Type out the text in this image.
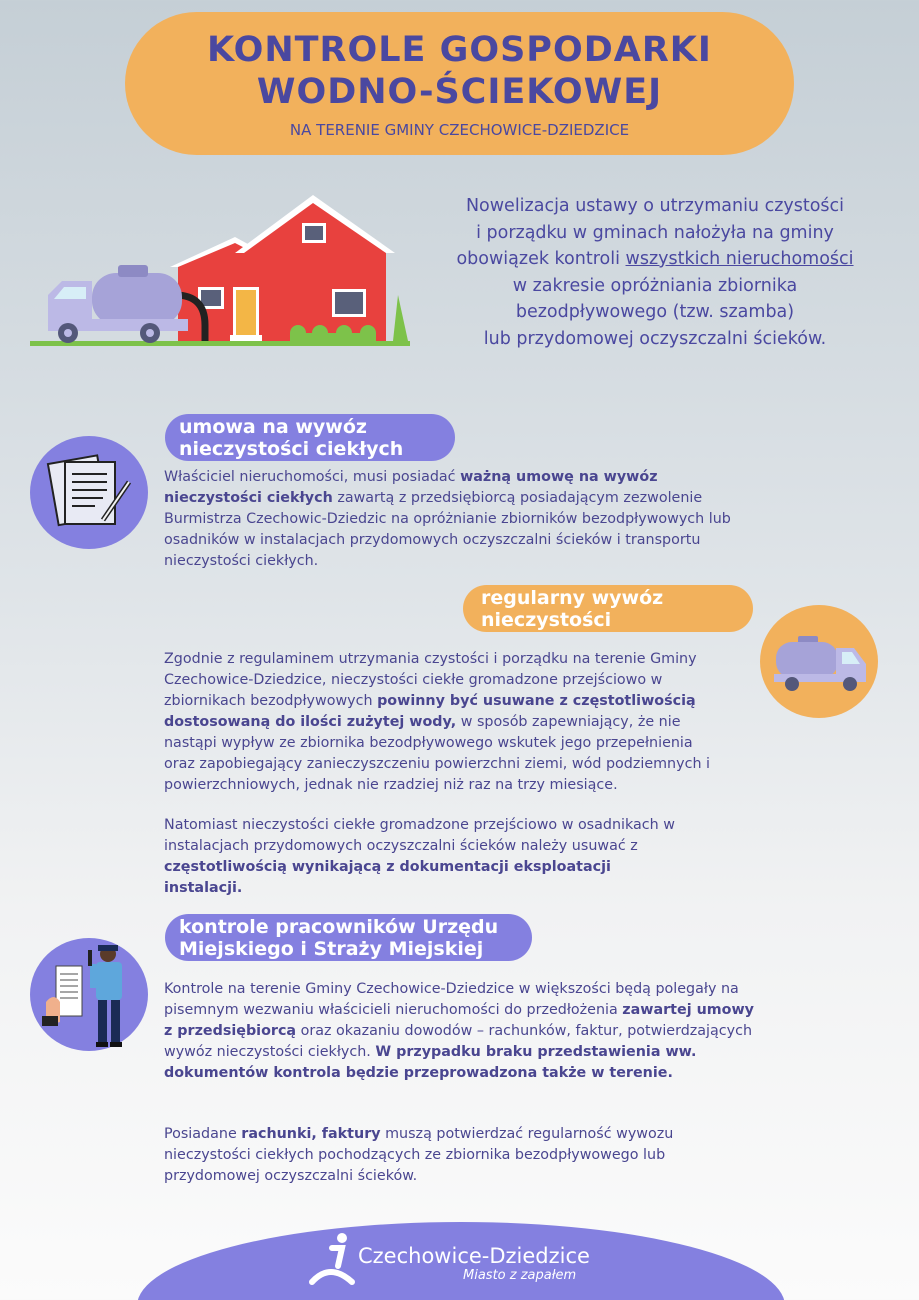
KONTROLE GOSPODARKI
WODNO-ŚCIEKOWEJ
NA TERENIE GMINY CZECHOWICE-DZIEDZICE
Nowelizacja ustawy o utrzymaniu czystości
i porządku w gminach nałożyła na gminy
obowiązek kontroli wszystkich nieruchomości
w zakresie opróżniania zbiornika
bezodpływowego (tzw. szamba)
lub przydomowej oczyszczalni ścieków.
umowa na wywóz
nieczystości ciekłych
Właściciel nieruchomości, musi posiadać ważną umowę na wywóz nieczystości ciekłych zawartą z przedsiębiorcą posiadającym zezwolenie Burmistrza Czechowic-Dziedzic na opróżnianie zbiorników bezodpływowych lub osadników w instalacjach przydomowych oczyszczalni ścieków i transportu nieczystości ciekłych.
regularny wywóz
nieczystości
Zgodnie z regulaminem utrzymania czystości i porządku na terenie Gminy Czechowice-Dziedzice, nieczystości ciekłe gromadzone przejściowo w zbiornikach bezodpływowych powinny być usuwane z częstotliwością dostosowaną do ilości zużytej wody, w sposób zapewniający, że nie nastąpi wypływ ze zbiornika bezodpływowego wskutek jego przepełnienia oraz zapobiegający zanieczyszczeniu powierzchni ziemi, wód podziemnych i powierzchniowych, jednak nie rzadziej niż raz na trzy miesiące.
Natomiast nieczystości ciekłe gromadzone przejściowo w osadnikach w instalacjach przydomowych oczyszczalni ścieków należy usuwać z częstotliwością wynikającą z dokumentacji eksploatacji instalacji.
kontrole pracowników Urzędu
Miejskiego i Straży Miejskiej
Kontrole na terenie Gminy Czechowice-Dziedzice w większości będą polegały na pisemnym wezwaniu właścicieli nieruchomości do przedłożenia zawartej umowy z przedsiębiorcą oraz okazaniu dowodów – rachunków, faktur, potwierdzających wywóz nieczystości ciekłych. W przypadku braku przedstawienia ww. dokumentów kontrola będzie przeprowadzona także w terenie.
Posiadane rachunki, faktury muszą potwierdzać regularność wywozu nieczystości ciekłych pochodzących ze zbiornika bezodpływowego lub przydomowej oczyszczalni ścieków.
Czechowice-Dziedzice
Miasto z zapałem
